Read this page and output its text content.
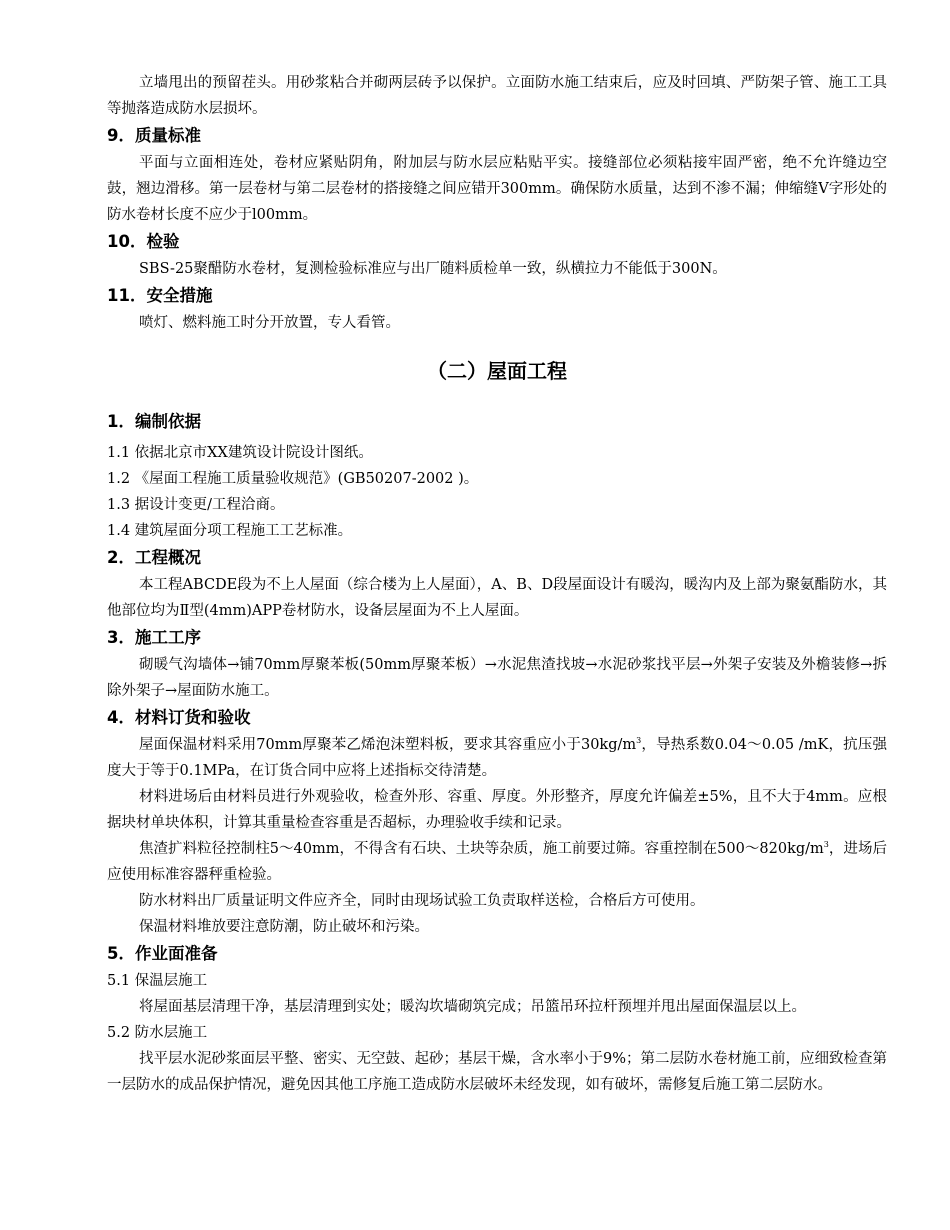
立墙甩出的预留茬头。用砂浆粘合并砌两层砖予以保护。立面防水施工结束后，应及时回填、严防架子管、施工工具等抛落造成防水层损坏。

9．质量标准

平面与立面相连处，卷材应紧贴阴角，附加层与防水层应粘贴平实。接缝部位必须粘接牢固严密，绝不允许缝边空鼓，翘边滑移。第一层卷材与第二层卷材的搭接缝之间应错开300mm。确保防水质量，达到不渗不漏；伸缩缝V字形处的防水卷材长度不应少于l00mm。

10．检验

SBS-25聚醋防水卷材，复测检验标准应与出厂随料质检单一致，纵横拉力不能低于300N。

11．安全措施

喷灯、燃料施工时分开放置，专人看管。

（二）屋面工程
1．编制依据

1.1 依据北京市XX建筑设计院设计图纸。

1.2 《屋面工程施工质量验收规范》(GB50207-2002 )。

1.3 据设计变更/工程洽商。

1.4 建筑屋面分项工程施工工艺标准。

2．工程概况

本工程ABCDE段为不上人屋面（综合楼为上人屋面），A、B、D段屋面设计有暖沟，暖沟内及上部为聚氨酯防水，其他部位均为Ⅱ型(4mm)APP卷材防水，设备层屋面为不上人屋面。

3．施工工序

砌暖气沟墙体→铺70mm厚聚苯板(50mm厚聚苯板）→水泥焦渣找坡→水泥砂浆找平层→外架子安装及外檐装修→拆除外架子→屋面防水施工。

4．材料订货和验收

屋面保温材料采用70mm厚聚苯乙烯泡沫塑料板，要求其容重应小于$30kg/m^3$，导热系数0.04～0.05 /mK，抗压强度大于等于0.1MPa，在订货合同中应将上述指标交待清楚。

材料进场后由材料员进行外观验收，检查外形、容重、厚度。外形整齐，厚度允许偏差±5%，且不大于4mm。应根据块材单块体积，计算其重量检查容重是否超标，办理验收手续和记录。

焦渣扩料粒径控制柱5～40mm，不得含有石块、土块等杂质，施工前要过筛。容重控制在$500\sim 820kg/m^3$，进场后应使用标准容器秤重检验。

防水材料出厂质量证明文件应齐全，同时由现场试验工负责取样送检，合格后方可使用。

保温材料堆放要注意防潮，防止破坏和污染。

5．作业面准备

5.1 保温层施工

将屋面基层清理干净，基层清理到实处；暖沟坎墙砌筑完成；吊篮吊环拉杆预埋并甩出屋面保温层以上。

5.2 防水层施工

找平层水泥砂浆面层平整、密实、无空鼓、起砂；基层干燥，含水率小于9%；第二层防水卷材施工前，应细致检查第一层防水的成品保护情况，避免因其他工序施工造成防水层破坏未经发现，如有破坏，需修复后施工第二层防水。
